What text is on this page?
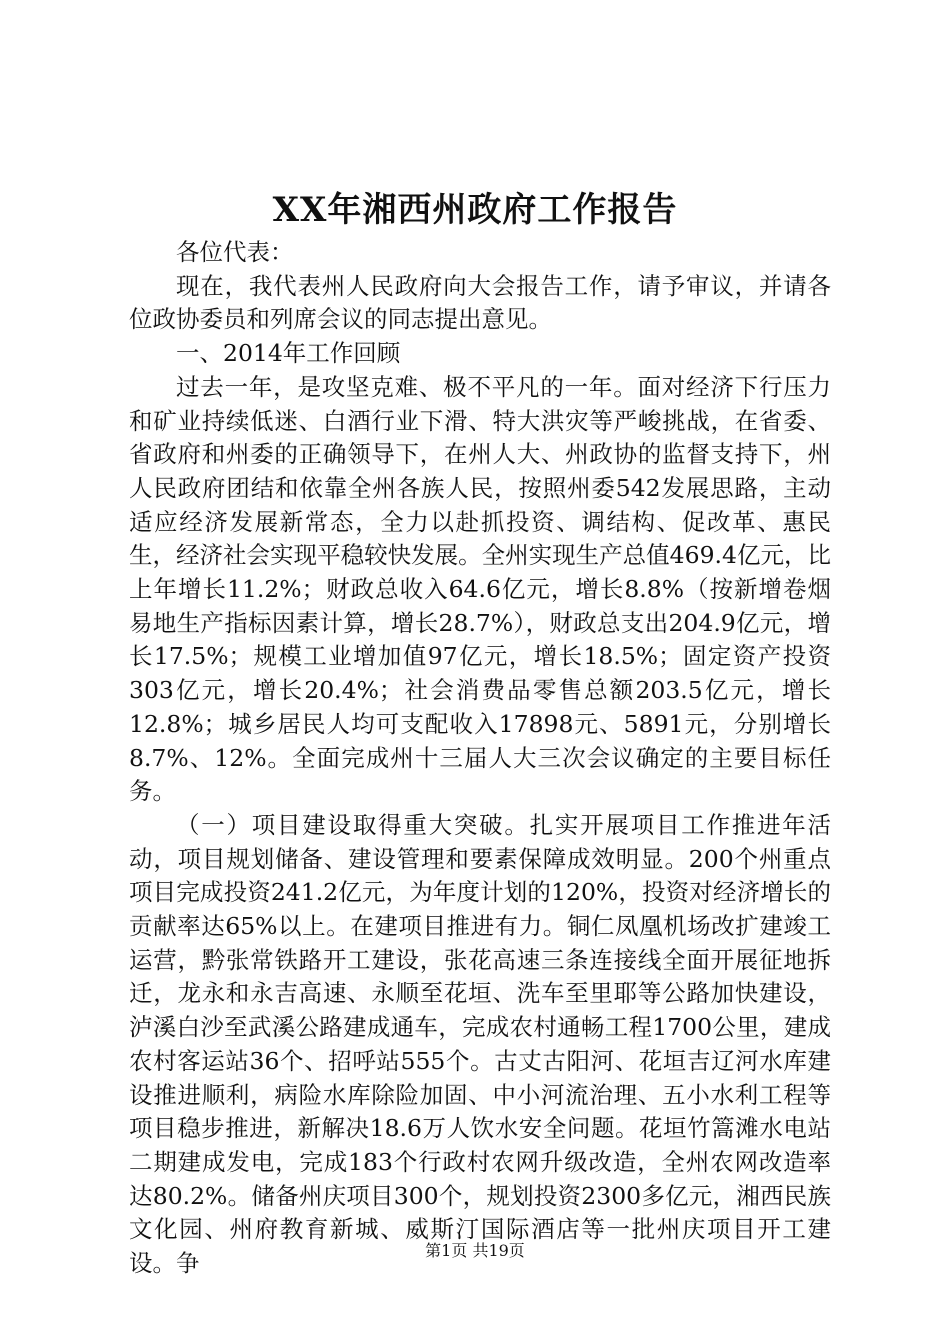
XX年湘西州政府工作报告

各位代表：

现在，我代表州人民政府向大会报告工作，请予审议，并请各位政协委员和列席会议的同志提出意见。

一、2014年工作回顾

过去一年，是攻坚克难、极不平凡的一年。面对经济下行压力和矿业持续低迷、白酒行业下滑、特大洪灾等严峻挑战，在省委、省政府和州委的正确领导下，在州人大、州政协的监督支持下，州人民政府团结和依靠全州各族人民，按照州委542发展思路，主动适应经济发展新常态，全力以赴抓投资、调结构、促改革、惠民生，经济社会实现平稳较快发展。全州实现生产总值469.4亿元，比上年增长11.2%；财政总收入64.6亿元，增长8.8%（按新增卷烟易地生产指标因素计算，增长28.7%），财政总支出204.9亿元，增长17.5%；规模工业增加值97亿元，增长18.5%；固定资产投资303亿元，增长20.4%；社会消费品零售总额203.5亿元，增长12.8%；城乡居民人均可支配收入17898元、5891元，分别增长8.7%、12%。全面完成州十三届人大三次会议确定的主要目标任务。

（一）项目建设取得重大突破。扎实开展项目工作推进年活动，项目规划储备、建设管理和要素保障成效明显。200个州重点项目完成投资241.2亿元，为年度计划的120%，投资对经济增长的贡献率达65%以上。在建项目推进有力。铜仁凤凰机场改扩建竣工运营，黔张常铁路开工建设，张花高速三条连接线全面开展征地拆迁，龙永和永吉高速、永顺至花垣、洗车至里耶等公路加快建设，泸溪白沙至武溪公路建成通车，完成农村通畅工程1700公里，建成农村客运站36个、招呼站555个。古丈古阳河、花垣吉辽河水库建设推进顺利，病险水库除险加固、中小河流治理、五小水利工程等项目稳步推进，新解决18.6万人饮水安全问题。花垣竹篙滩水电站二期建成发电，完成183个行政村农网升级改造，全州农网改造率达80.2%。储备州庆项目300个，规划投资2300多亿元，湘西民族文化园、州府教育新城、威斯汀国际酒店等一批州庆项目开工建设。争	第1页 共19页
